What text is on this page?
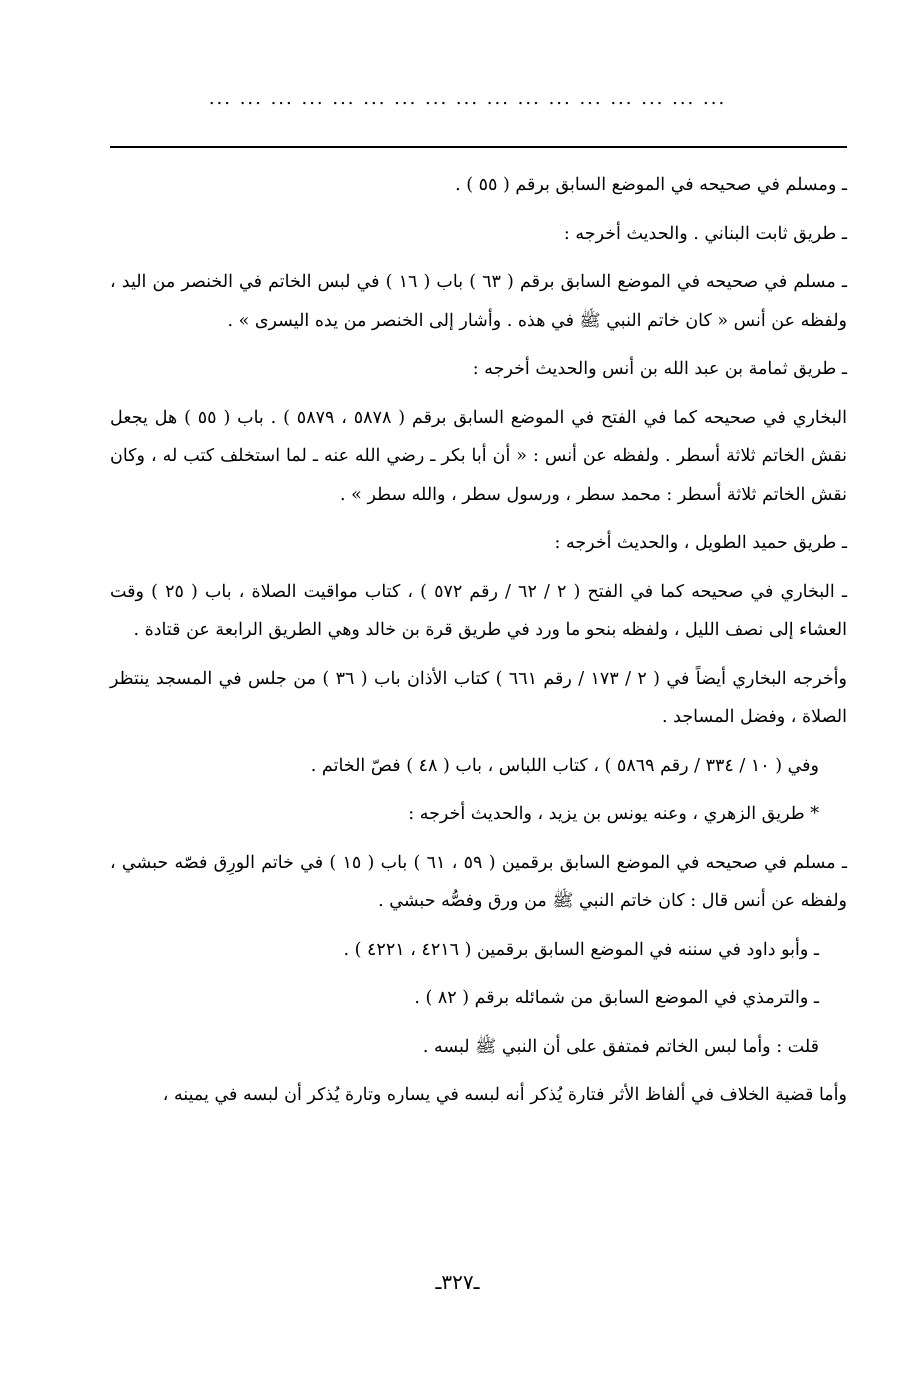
... ... ... ... ... ... ... ... ... ... ... ... ... ... ... ... ...

ـ ومسلم في صحيحه في الموضع السابق برقم ( ٥٥ ) .

ـ طريق ثابت البناني . والحديث أخرجه :

ـ مسلم في صحيحه في الموضع السابق برقم ( ٦٣ ) باب ( ١٦ ) في لبس الخاتم في الخنصر من اليد ، ولفظه عن أنس « كان خاتم النبي ﷺ في هذه . وأشار إلى الخنصر من يده اليسرى » .

ـ طريق ثمامة بن عبد الله بن أنس والحديث أخرجه :

البخاري في صحيحه كما في الفتح في الموضع السابق برقم ( ٥٨٧٨ ، ٥٨٧٩ ) . باب ( ٥٥ ) هل يجعل نقش الخاتم ثلاثة أسطر . ولفظه عن أنس : « أن أبا بكر ـ رضي الله عنه ـ لما استخلف كتب له ، وكان نقش الخاتم ثلاثة أسطر : محمد سطر ، ورسول سطر ، والله سطر » .

ـ طريق حميد الطويل ، والحديث أخرجه :

ـ البخاري في صحيحه كما في الفتح ( ٢ / ٦٢ / رقم ٥٧٢ ) ، كتاب مواقيت الصلاة ، باب ( ٢٥ ) وقت العشاء إلى نصف الليل ، ولفظه بنحو ما ورد في طريق قرة بن خالد وهي الطريق الرابعة عن قتادة .

وأخرجه البخاري أيضاً في ( ٢ / ١٧٣ / رقم ٦٦١ ) كتاب الأذان باب ( ٣٦ ) من جلس في المسجد ينتظر الصلاة ، وفضل المساجد .

وفي ( ١٠ / ٣٣٤ / رقم ٥٨٦٩ ) ، كتاب اللباس ، باب ( ٤٨ ) فصّ الخاتم .

* طريق الزهري ، وعنه يونس بن يزيد ، والحديث أخرجه :

ـ مسلم في صحيحه في الموضع السابق برقمين ( ٥٩ ، ٦١ ) باب ( ١٥ ) في خاتم الورِق فصّه حبشي ، ولفظه عن أنس قال : كان خاتم النبي ﷺ من ورق وفصُّه حبشي .

ـ وأبو داود في سننه في الموضع السابق برقمين ( ٤٢١٦ ، ٤٢٢١ ) .

ـ والترمذي في الموضع السابق من شمائله برقم ( ٨٢ ) .

قلت : وأما لبس الخاتم فمتفق على أن النبي ﷺ لبسه .

وأما قضية الخلاف في ألفاظ الأثر فتارة يُذكر أنه لبسه في يساره وتارة يُذكر أن لبسه في يمينه ،

ـ٣٢٧ـ
